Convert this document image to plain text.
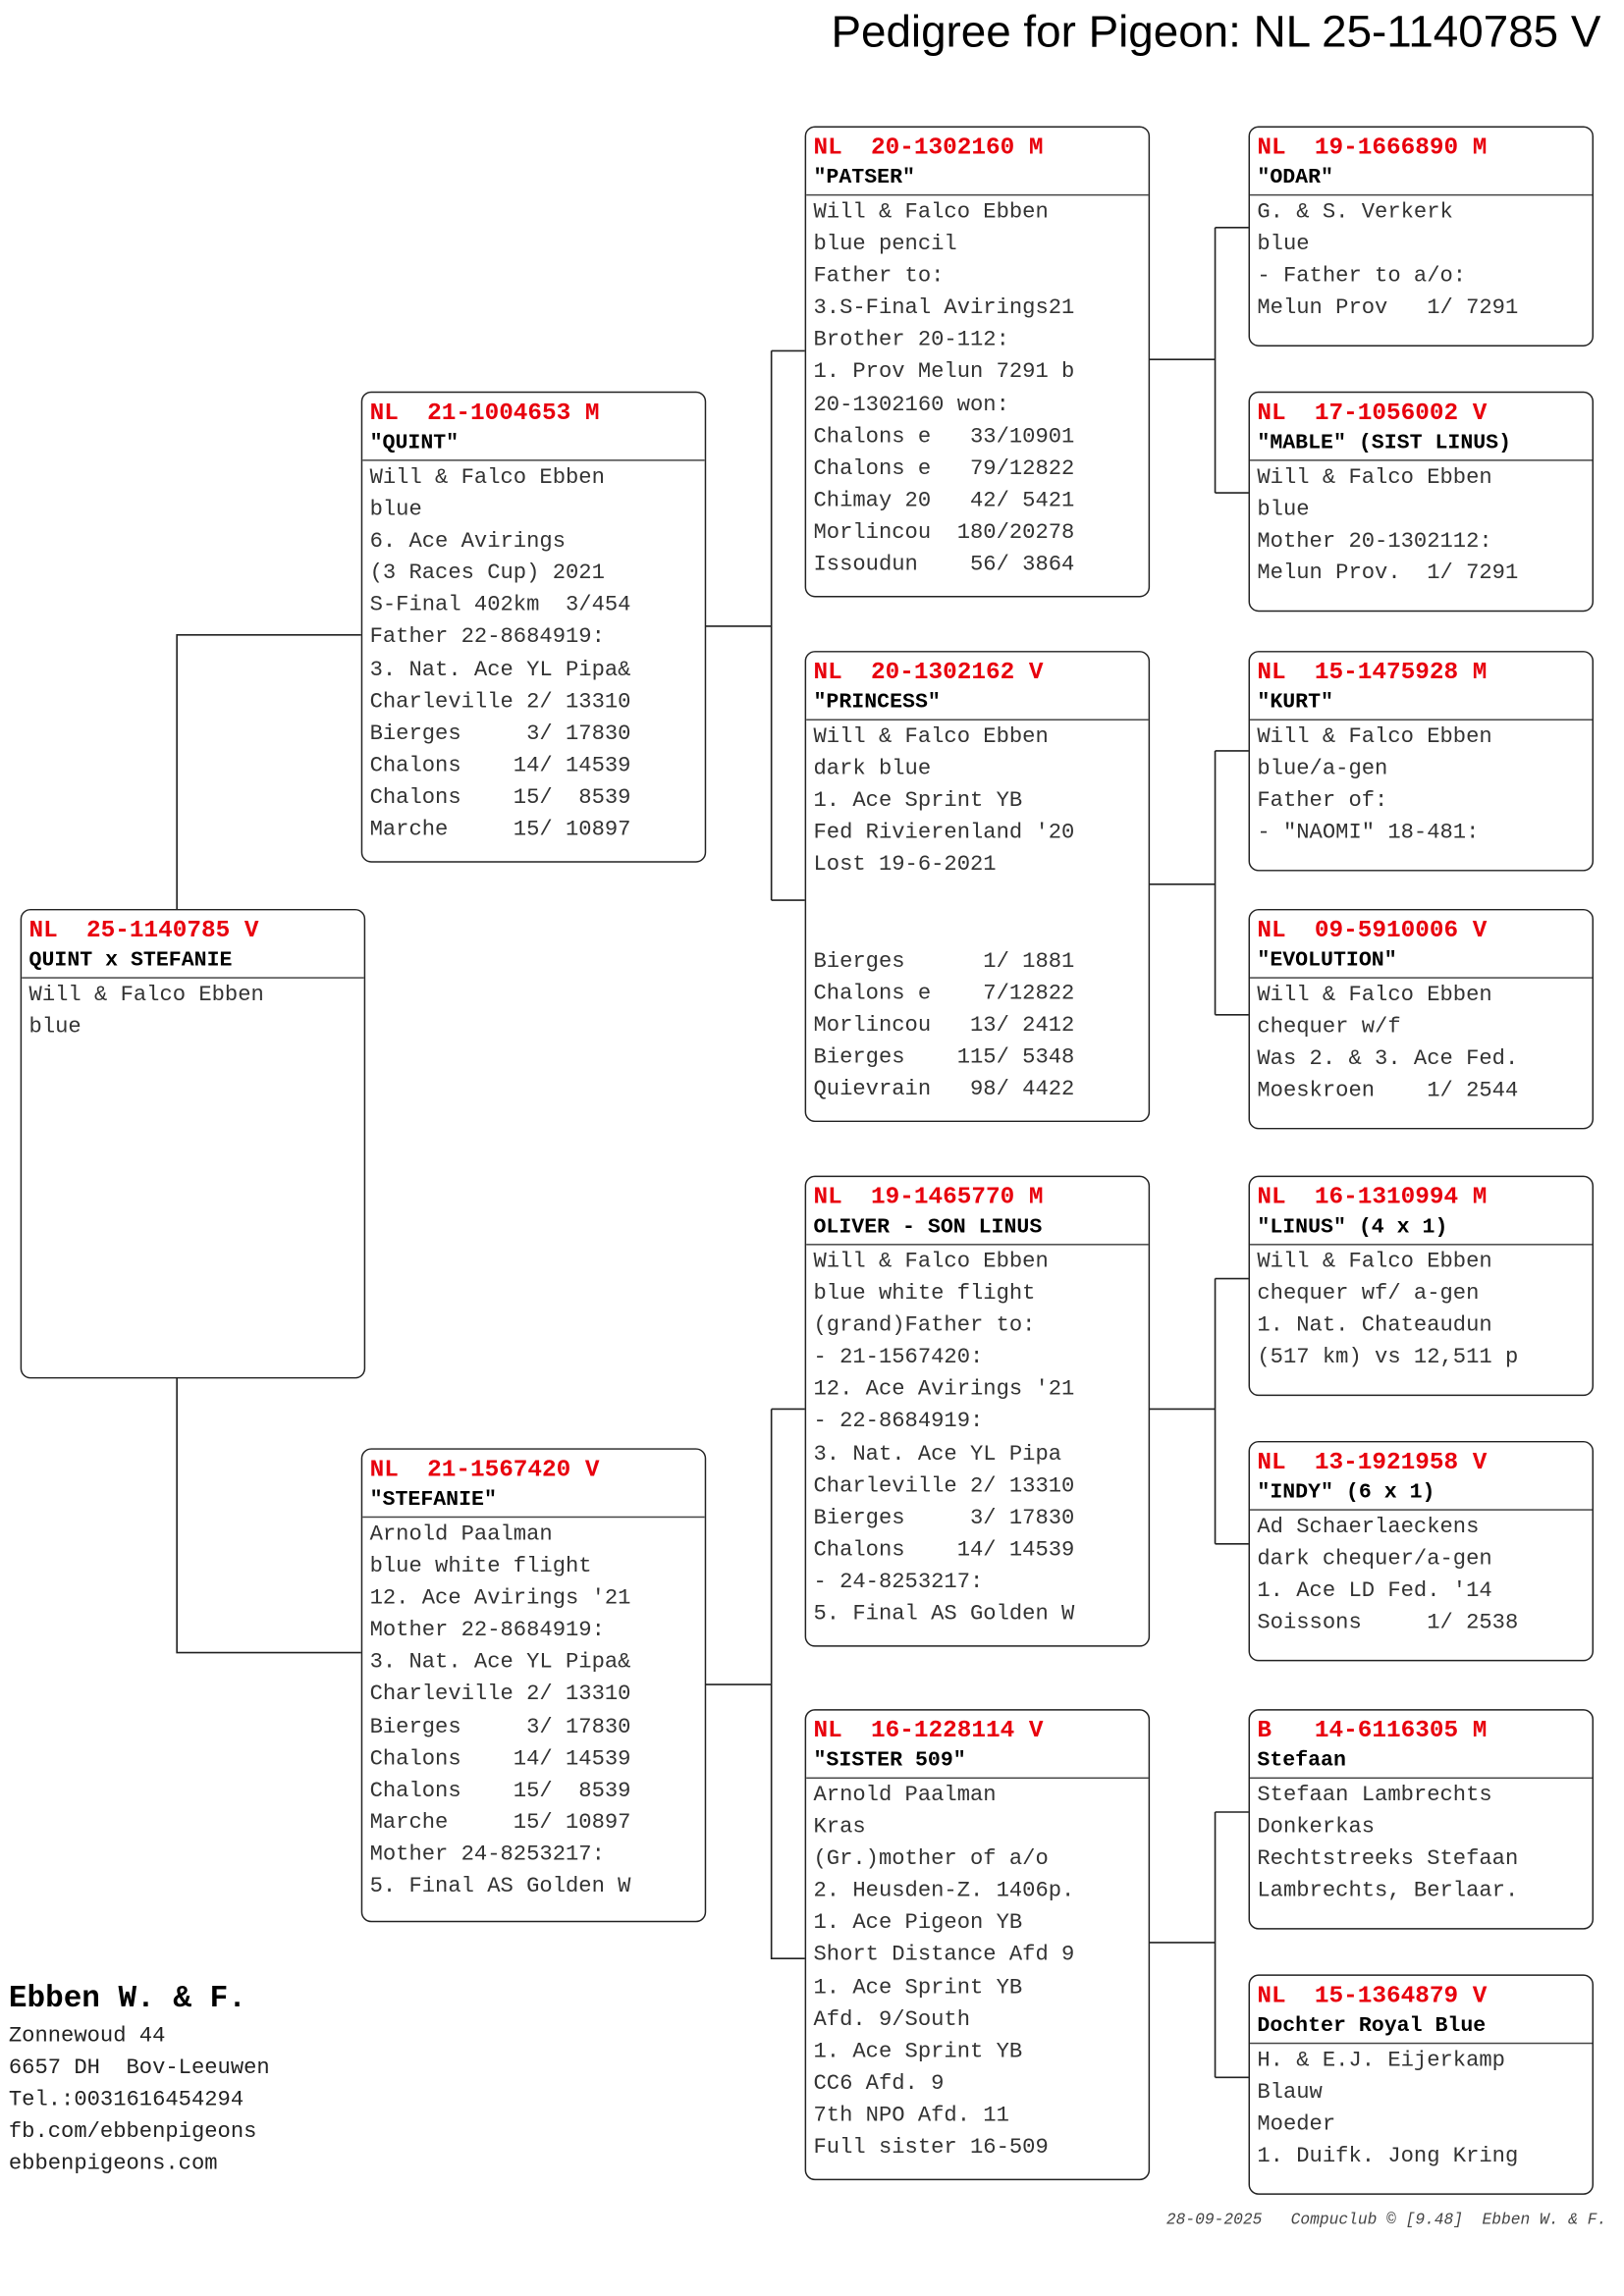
Pedigree for Pigeon: NL 25-1140785 V
NL  25-1140785 V
QUINT x STEFANIE
Will & Falco Ebben
blue
NL  21-1004653 M
"QUINT"
Will & Falco Ebben
blue
6. Ace Avirings
(3 Races Cup) 2021
S-Final 402km  3/454
Father 22-8684919:
3. Nat. Ace YL Pipa&
Charleville 2/ 13310
Bierges     3/ 17830
Chalons    14/ 14539
Chalons    15/  8539
Marche     15/ 10897
NL  21-1567420 V
"STEFANIE"
Arnold Paalman
blue white flight
12. Ace Avirings '21
Mother 22-8684919:
3. Nat. Ace YL Pipa&
Charleville 2/ 13310
Bierges     3/ 17830
Chalons    14/ 14539
Chalons    15/  8539
Marche     15/ 10897
Mother 24-8253217:
5. Final AS Golden W
NL  20-1302160 M
"PATSER"
Will & Falco Ebben
blue pencil
Father to:
3.S-Final Avirings21
Brother 20-112:
1. Prov Melun 7291 b
20-1302160 won:
Chalons e   33/10901
Chalons e   79/12822
Chimay 20   42/ 5421
Morlincou  180/20278
Issoudun    56/ 3864
NL  20-1302162 V
"PRINCESS"
Will & Falco Ebben
dark blue
1. Ace Sprint YB
Fed Rivierenland '20
Lost 19-6-2021
Bierges      1/ 1881
Chalons e    7/12822
Morlincou   13/ 2412
Bierges    115/ 5348
Quievrain   98/ 4422
NL  19-1465770 M
OLIVER - SON LINUS
Will & Falco Ebben
blue white flight
(grand)Father to:
- 21-1567420:
12. Ace Avirings '21
- 22-8684919:
3. Nat. Ace YL Pipa
Charleville 2/ 13310
Bierges     3/ 17830
Chalons    14/ 14539
- 24-8253217:
5. Final AS Golden W
NL  16-1228114 V
"SISTER 509"
Arnold Paalman
Kras
(Gr.)mother of a/o
2. Heusden-Z. 1406p.
1. Ace Pigeon YB
Short Distance Afd 9
1. Ace Sprint YB
Afd. 9/South
1. Ace Sprint YB
CC6 Afd. 9
7th NPO Afd. 11
Full sister 16-509
NL  19-1666890 M
"ODAR"
G. & S. Verkerk
blue
- Father to a/o:
Melun Prov   1/ 7291
NL  17-1056002 V
"MABLE" (SIST LINUS)
Will & Falco Ebben
blue
Mother 20-1302112:
Melun Prov.  1/ 7291
NL  15-1475928 M
"KURT"
Will & Falco Ebben
blue/a-gen
Father of:
- "NAOMI" 18-481:
NL  09-5910006 V
"EVOLUTION"
Will & Falco Ebben
chequer w/f
Was 2. & 3. Ace Fed.
Moeskroen    1/ 2544
NL  16-1310994 M
"LINUS" (4 x 1)
Will & Falco Ebben
chequer wf/ a-gen
1. Nat. Chateaudun
(517 km) vs 12,511 p
NL  13-1921958 V
"INDY" (6 x 1)
Ad Schaerlaeckens
dark chequer/a-gen
1. Ace LD Fed. '14
Soissons     1/ 2538
B   14-6116305 M
Stefaan
Stefaan Lambrechts
Donkerkas
Rechtstreeks Stefaan
Lambrechts, Berlaar.
NL  15-1364879 V
Dochter Royal Blue
H. & E.J. Eijerkamp
Blauw
Moeder
1. Duifk. Jong Kring
Ebben W. & F.
Zonnewoud 44
6657 DH  Bov-Leeuwen
Tel.:0031616454294
fb.com/ebbenpigeons
ebbenpigeons.com
28-09-2025   Compuclub © [9.48]  Ebben W. & F.
